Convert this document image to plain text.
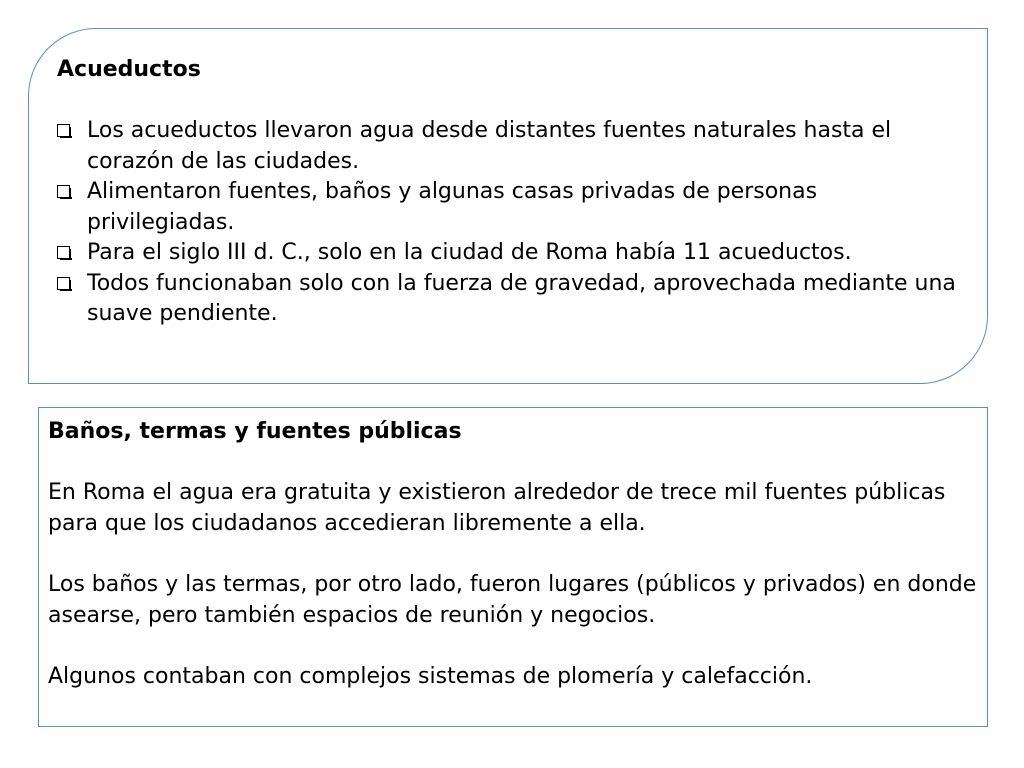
Acueductos
Los acueductos llevaron agua desde distantes fuentes naturales hasta el corazón de las ciudades.
Alimentaron fuentes, baños y algunas casas privadas de personas privilegiadas.
Para el siglo III d. C., solo en la ciudad de Roma había 11 acueductos.
Todos funcionaban solo con la fuerza de gravedad, aprovechada mediante una suave pendiente.
Baños, termas y fuentes públicas

En Roma el agua era gratuita y existieron alrededor de trece mil fuentes públicas para que los ciudadanos accedieran libremente a ella.

Los baños y las termas, por otro lado, fueron lugares (públicos y privados) en donde asearse, pero también espacios de reunión y negocios.

Algunos contaban con complejos sistemas de plomería y calefacción.
